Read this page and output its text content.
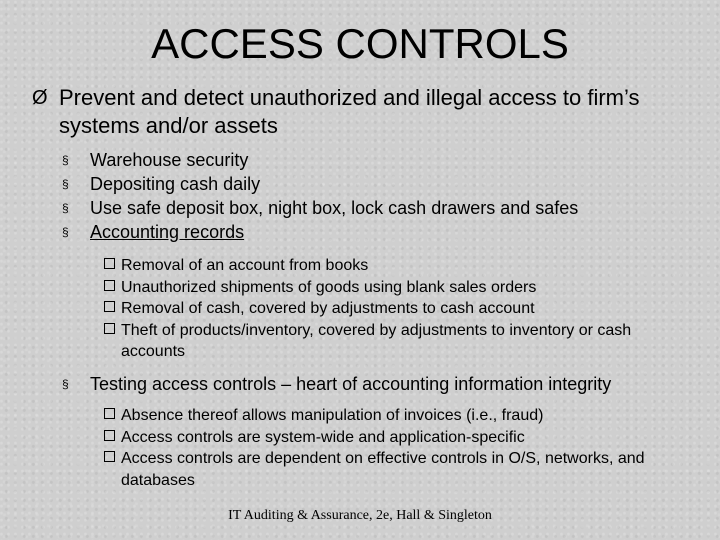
ACCESS CONTROLS
Ø Prevent and detect unauthorized and illegal access to firm’s systems and/or assets
§	Warehouse security
§	Depositing cash daily
§	Use safe deposit box, night box, lock cash drawers and safes
§	Accounting records
Removal of an account from books
Unauthorized shipments of goods using blank sales orders
Removal of cash, covered by adjustments to cash account
Theft of products/inventory, covered by adjustments to inventory or cash accounts
§	Testing access controls – heart of accounting information integrity
Absence thereof allows manipulation of invoices (i.e., fraud)
Access controls are system-wide and application-specific
Access controls are dependent on effective controls in O/S, networks, and databases
IT Auditing & Assurance, 2e, Hall & Singleton
